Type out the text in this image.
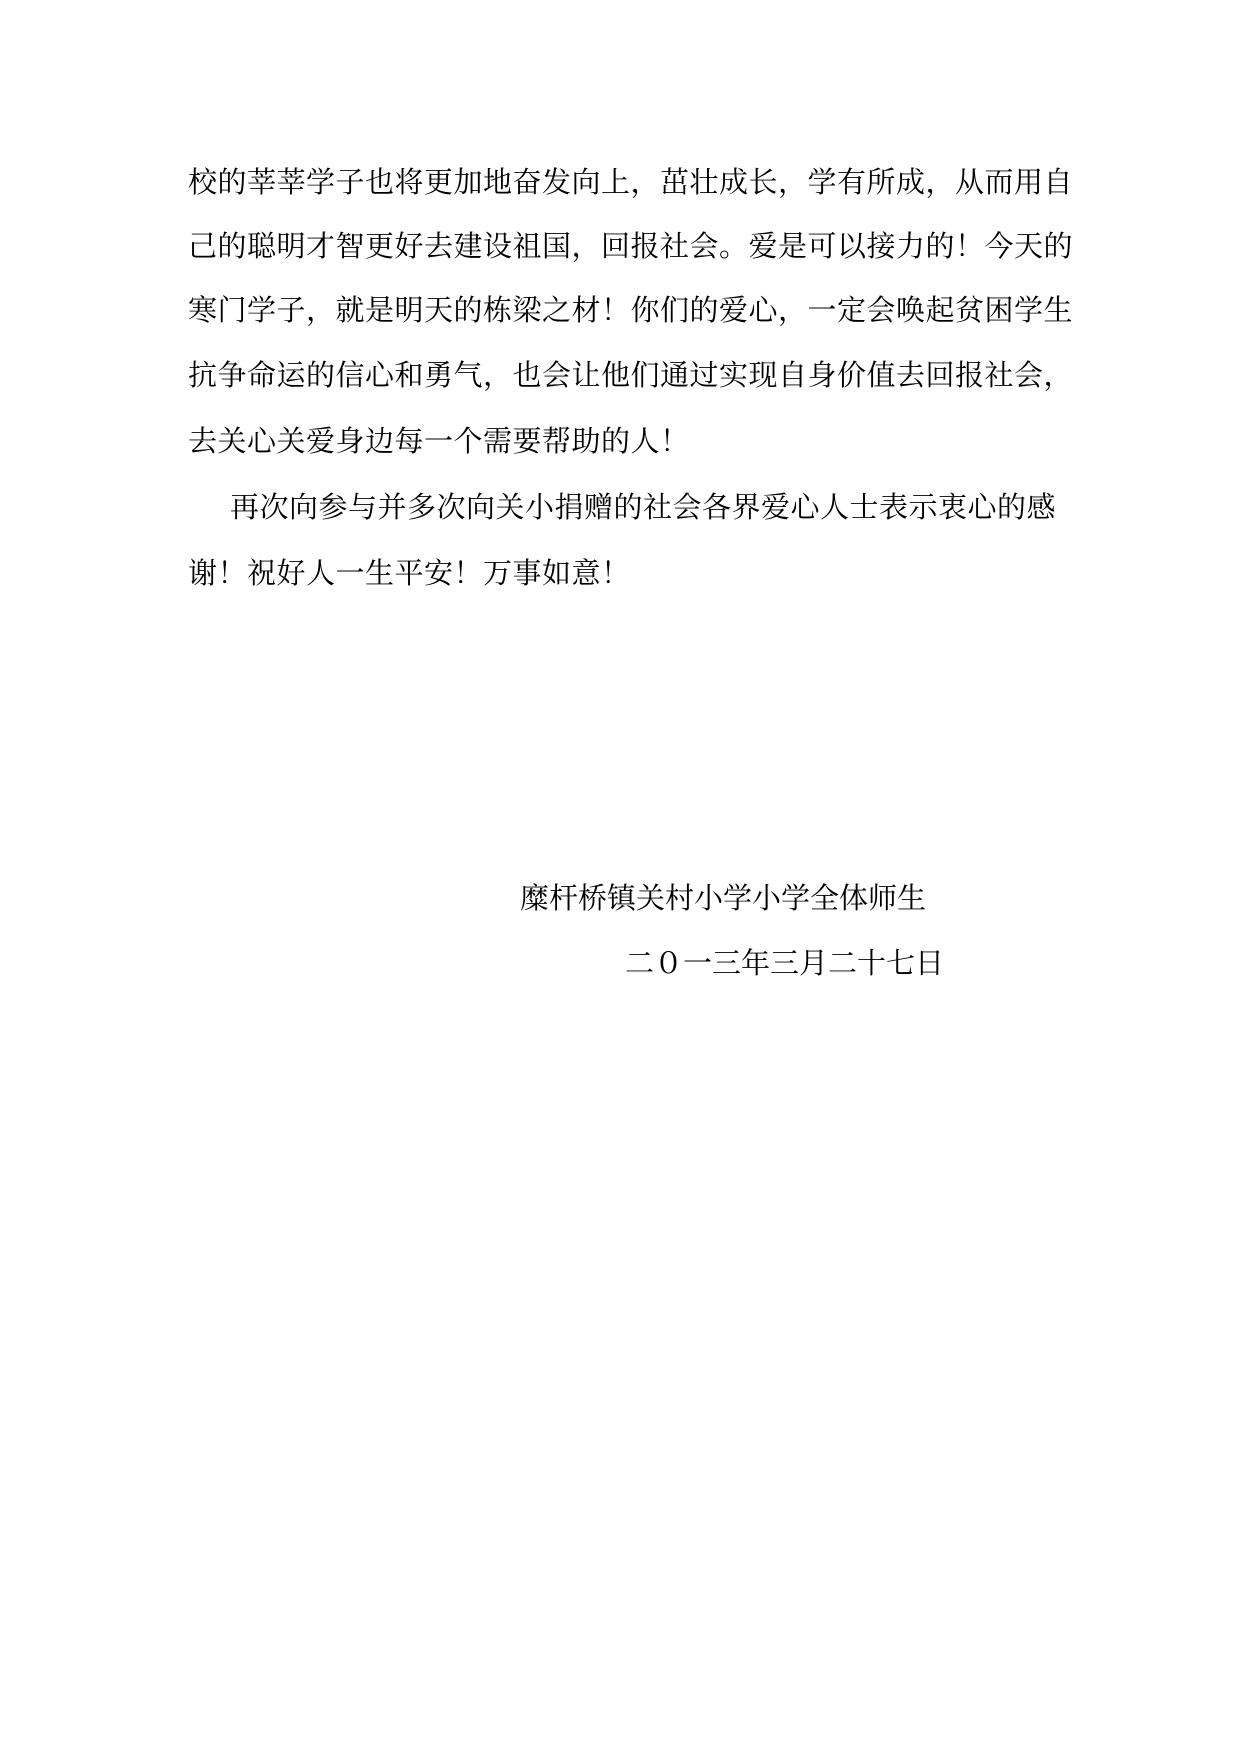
校的莘莘学子也将更加地奋发向上，茁壮成长，学有所成，从而用自
己的聪明才智更好去建设祖国，回报社会。爱是可以接力的！今天的
寒门学子，就是明天的栋梁之材！你们的爱心，一定会唤起贫困学生
抗争命运的信心和勇气，也会让他们通过实现自身价值去回报社会，
去关心关爱身边每一个需要帮助的人！
再次向参与并多次向关小捐赠的社会各界爱心人士表示衷心的感
谢！祝好人一生平安！万事如意！
糜杆桥镇关村小学小学全体师生
二０一三年三月二十七日
